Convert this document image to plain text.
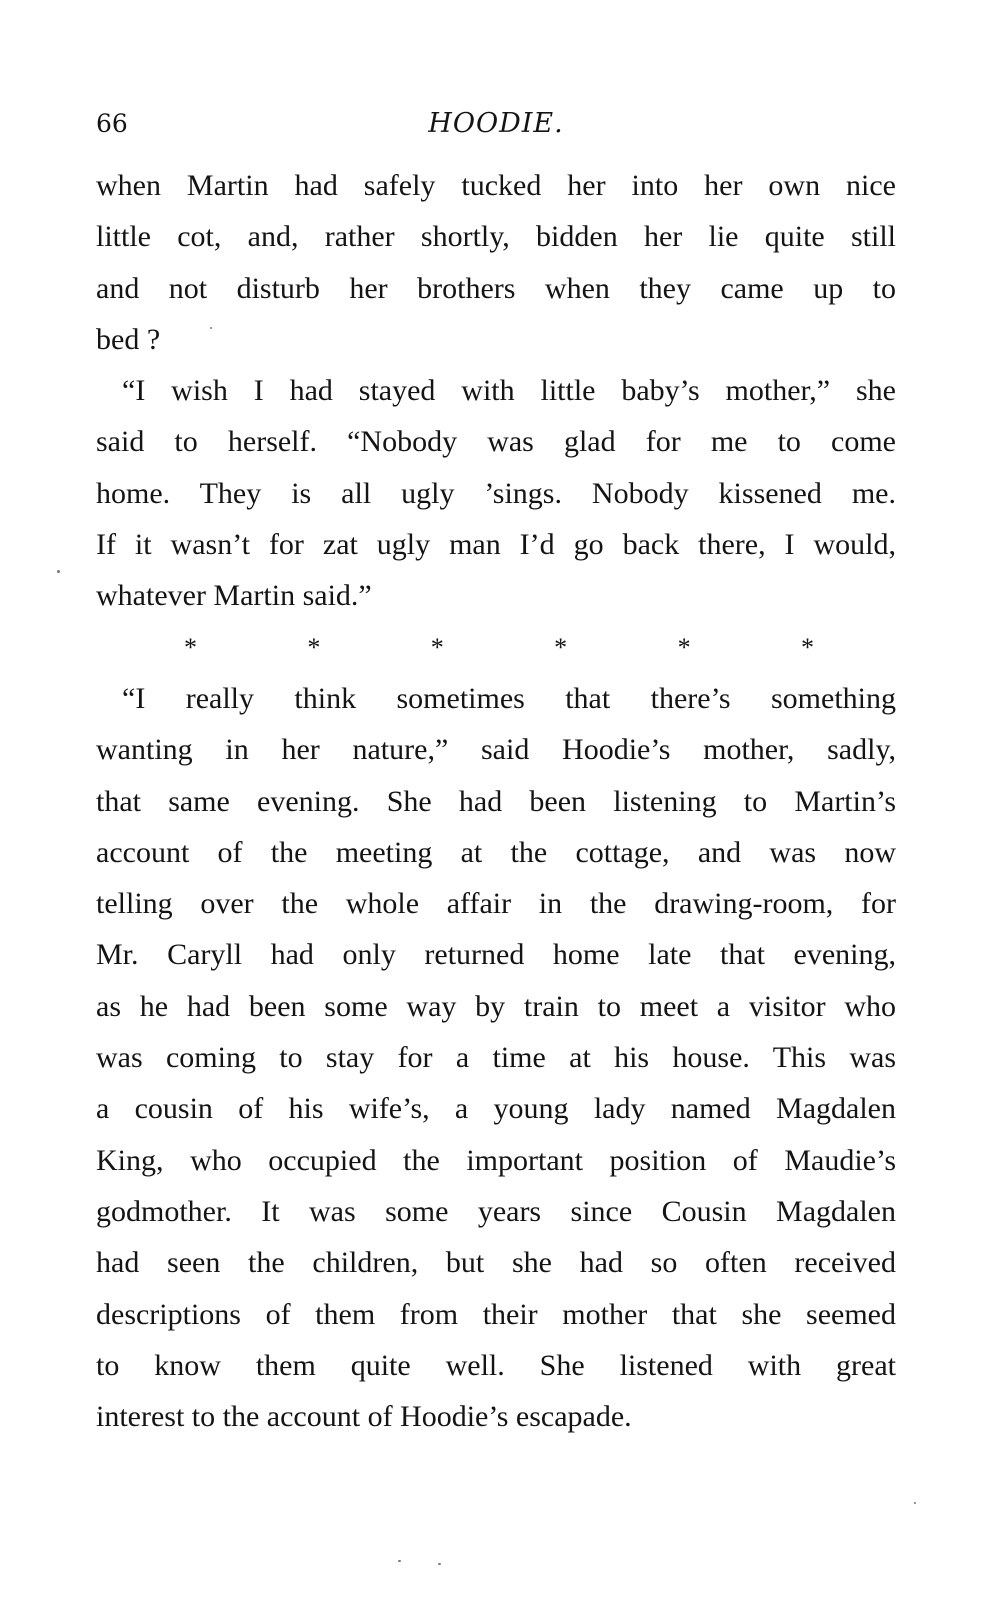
66	HOODIE.
when Martin had safely tucked her into her own nice
little cot, and, rather shortly, bidden her lie quite still
and not disturb her brothers when they came up to
bed ?
“I wish I had stayed with little baby’s mother,” she
said to herself. “Nobody was glad for me to come
home. They is all ugly ’sings. Nobody kissened me.
If it wasn’t for zat ugly man I’d go back there, I would,
whatever Martin said.”
*	*	*	*	*	*
“I really think sometimes that there’s something
wanting in her nature,” said Hoodie’s mother, sadly,
that same evening. She had been listening to Martin’s
account of the meeting at the cottage, and was now
telling over the whole affair in the drawing-room, for
Mr. Caryll had only returned home late that evening,
as he had been some way by train to meet a visitor who
was coming to stay for a time at his house. This was
a cousin of his wife’s, a young lady named Magdalen
King, who occupied the important position of Maudie’s
godmother. It was some years since Cousin Magdalen
had seen the children, but she had so often received
descriptions of them from their mother that she seemed
to know them quite well. She listened with great
interest to the account of Hoodie’s escapade.
